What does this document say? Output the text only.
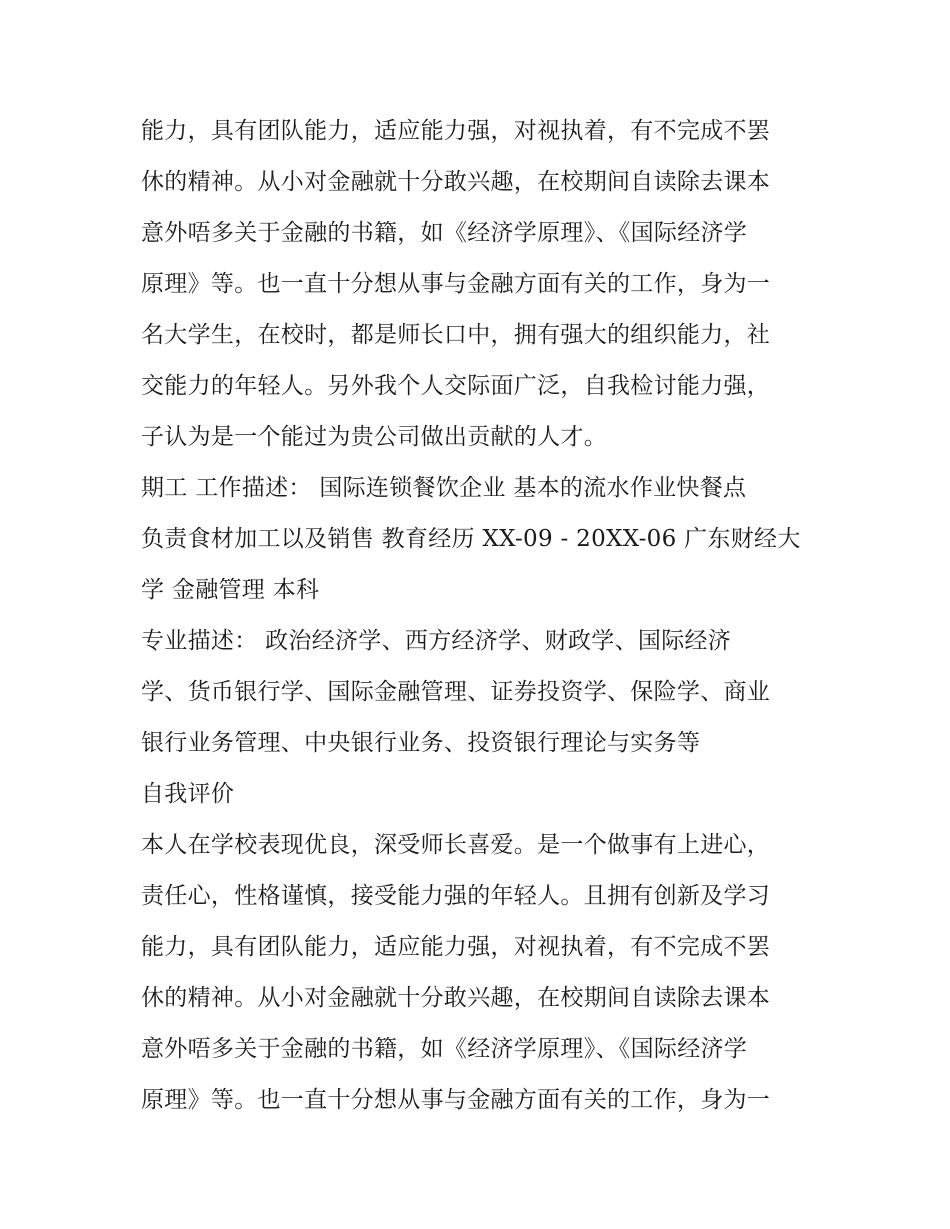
能力，具有团队能力，适应能力强，对视执着，有不完成不罢
休的精神。从小对金融就十分敢兴趣，在校期间自读除去课本
意外唔多关于金融的书籍，如《经济学原理》、《国际经济学
原理》等。也一直十分想从事与金融方面有关的工作，身为一
名大学生，在校时，都是师长口中，拥有强大的组织能力，社
交能力的年轻人。另外我个人交际面广泛，自我检讨能力强，
子认为是一个能过为贵公司做出贡献的人才。
期工 工作描述： 国际连锁餐饮企业 基本的流水作业快餐点
负责食材加工以及销售 教育经历 XX-09 - 20XX-06 广东财经大
学 金融管理 本科
专业描述： 政治经济学、西方经济学、财政学、国际经济
学、货币银行学、国际金融管理、证券投资学、保险学、商业
银行业务管理、中央银行业务、投资银行理论与实务等
自我评价
本人在学校表现优良，深受师长喜爱。是一个做事有上进心，
责任心，性格谨慎，接受能力强的年轻人。且拥有创新及学习
能力，具有团队能力，适应能力强，对视执着，有不完成不罢
休的精神。从小对金融就十分敢兴趣，在校期间自读除去课本
意外唔多关于金融的书籍，如《经济学原理》、《国际经济学
原理》等。也一直十分想从事与金融方面有关的工作，身为一
